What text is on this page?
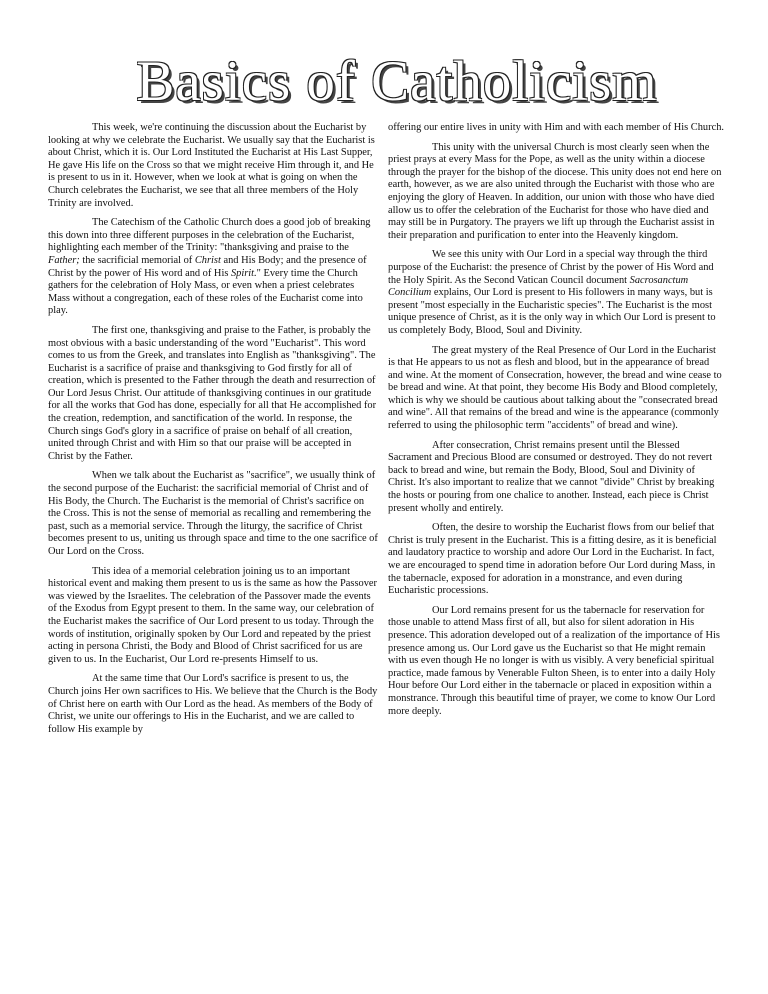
Basics of Catholicism

This week, we're continuing the discussion about the Eucharist by looking at why we celebrate the Eucharist. We usually say that the Eucharist is about Christ, which it is. Our Lord Instituted the Eucharist at His Last Supper, He gave His life on the Cross so that we might receive Him through it, and He is present to us in it. However, when we look at what is going on when the Church celebrates the Eucharist, we see that all three members of the Holy Trinity are involved.

The Catechism of the Catholic Church does a good job of breaking this down into three different purposes in the celebration of the Eucharist, highlighting each member of the Trinity: "thanksgiving and praise to the Father; the sacrificial memorial of Christ and His Body; and the presence of Christ by the power of His word and of His Spirit." Every time the Church gathers for the celebration of Holy Mass, or even when a priest celebrates Mass without a congregation, each of these roles of the Eucharist come into play.

The first one, thanksgiving and praise to the Father, is probably the most obvious with a basic understanding of the word "Eucharist". This word comes to us from the Greek, and translates into English as "thanksgiving". The Eucharist is a sacrifice of praise and thanksgiving to God firstly for all of creation, which is presented to the Father through the death and resurrection of Our Lord Jesus Christ. Our attitude of thanksgiving continues in our gratitude for all the works that God has done, especially for all that He accomplished for the creation, redemption, and sanctification of the world. In response, the Church sings God's glory in a sacrifice of praise on behalf of all creation, united through Christ and with Him so that our praise will be accepted in Christ by the Father.

When we talk about the Eucharist as "sacrifice", we usually think of the second purpose of the Eucharist: the sacrificial memorial of Christ and of His Body, the Church. The Eucharist is the memorial of Christ's sacrifice on the Cross. This is not the sense of memorial as recalling and remembering the past, such as a memorial service. Through the liturgy, the sacrifice of Christ becomes present to us, uniting us through space and time to the one sacrifice of Our Lord on the Cross.

This idea of a memorial celebration joining us to an important historical event and making them present to us is the same as how the Passover was viewed by the Israelites. The celebration of the Passover made the events of the Exodus from Egypt present to them. In the same way, our celebration of the Eucharist makes the sacrifice of Our Lord present to us today. Through the words of institution, originally spoken by Our Lord and repeated by the priest acting in persona Christi, the Body and Blood of Christ sacrificed for us are given to us. In the Eucharist, Our Lord re-presents Himself to us.

At the same time that Our Lord's sacrifice is present to us, the Church joins Her own sacrifices to His. We believe that the Church is the Body of Christ here on earth with Our Lord as the head. As members of the Body of Christ, we unite our offerings to His in the Eucharist, and we are called to follow His example by

offering our entire lives in unity with Him and with each member of His Church.

This unity with the universal Church is most clearly seen when the priest prays at every Mass for the Pope, as well as the unity within a diocese through the prayer for the bishop of the diocese. This unity does not end here on earth, however, as we are also united through the Eucharist with those who are enjoying the glory of Heaven. In addition, our union with those who have died allow us to offer the celebration of the Eucharist for those who have died and may still be in Purgatory. The prayers we lift up through the Eucharist assist in their preparation and purification to enter into the Heavenly kingdom.

We see this unity with Our Lord in a special way through the third purpose of the Eucharist: the presence of Christ by the power of His Word and the Holy Spirit. As the Second Vatican Council document Sacrosanctum Concilium explains, Our Lord is present to His followers in many ways, but is present "most especially in the Eucharistic species". The Eucharist is the most unique presence of Christ, as it is the only way in which Our Lord is present to us completely Body, Blood, Soul and Divinity.

The great mystery of the Real Presence of Our Lord in the Eucharist is that He appears to us not as flesh and blood, but in the appearance of bread and wine. At the moment of Consecration, however, the bread and wine cease to be bread and wine. At that point, they become His Body and Blood completely, which is why we should be cautious about talking about the "consecrated bread and wine". All that remains of the bread and wine is the appearance (commonly referred to using the philosophic term "accidents" of bread and wine).

After consecration, Christ remains present until the Blessed Sacrament and Precious Blood are consumed or destroyed. They do not revert back to bread and wine, but remain the Body, Blood, Soul and Divinity of Christ. It's also important to realize that we cannot "divide" Christ by breaking the hosts or pouring from one chalice to another. Instead, each piece is Christ present wholly and entirely.

Often, the desire to worship the Eucharist flows from our belief that Christ is truly present in the Eucharist. This is a fitting desire, as it is beneficial and laudatory practice to worship and adore Our Lord in the Eucharist. In fact, we are encouraged to spend time in adoration before Our Lord during Mass, in the tabernacle, exposed for adoration in a monstrance, and even during Eucharistic processions.

Our Lord remains present for us the tabernacle for reservation for those unable to attend Mass first of all, but also for silent adoration in His presence. This adoration developed out of a realization of the importance of His presence among us. Our Lord gave us the Eucharist so that He might remain with us even though He no longer is with us visibly. A very beneficial spiritual practice, made famous by Venerable Fulton Sheen, is to enter into a daily Holy Hour before Our Lord either in the tabernacle or placed in exposition within a monstrance. Through this beautiful time of prayer, we come to know Our Lord more deeply.
